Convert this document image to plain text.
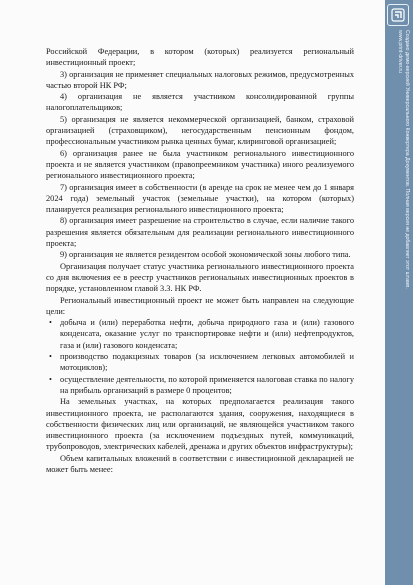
Российской Федерации, в котором (которых) реализуется региональный инвестиционный проект;

3) организация не применяет специальных налоговых режимов, предусмотренных частью второй НК РФ;

4) организация не является участником консолидированной группы налогоплательщиков;

5) организация не является некоммерческой организацией, банком, страховой организацией (страховщиком), негосударственным пенсионным фондом, профессиональным участником рынка ценных бумаг, клиринговой организацией;

6) организация ранее не была участником регионального инвестиционного проекта и не является участником (правопреемником участника) иного реализуемого регионального инвестиционного проекта;

7) организация имеет в собственности (в аренде на срок не менее чем до 1 января 2024 года) земельный участок (земельные участки), на котором (которых) планируется реализация регионального инвестиционного проекта;

8) организация имеет разрешение на строительство в случае, если наличие такого разрешения является обязательным для реализации регионального инвестиционного проекта;

9) организация не является резидентом особой экономической зоны любого типа.

Организация получает статус участника регионального инвестиционного проекта со дня включения ее в реестр участников региональных инвестиционных проектов в порядке, установленном главой 3.3. НК РФ.

Региональный инвестиционный проект не может быть направлен на следующие цели:

• добыча и (или) переработка нефти, добыча природного газа и (или) газового конденсата, оказание услуг по транспортировке нефти и (или) нефтепродуктов, газа и (или) газового конденсата;
• производство подакцизных товаров (за исключением легковых автомобилей и мотоциклов);
• осуществление деятельности, по которой применяется налоговая ставка по налогу на прибыль организаций в размере 0 процентов;

На земельных участках, на которых предполагается реализация такого инвестиционного проекта, не располагаются здания, сооружения, находящиеся в собственности физических лиц или организаций, не являющейся участником такого инвестиционного проекта (за исключением подъездных путей, коммуникаций, трубопроводов, электрических кабелей, дренажа и других объектов инфраструктуры);

Объем капитальных вложений в соответствии с инвестиционной декларацией не может быть менее:

Создано демо-версией Универсального Конвертера Документов. Полная версия не добавляет этот штамп.
www.print-driver.ru
